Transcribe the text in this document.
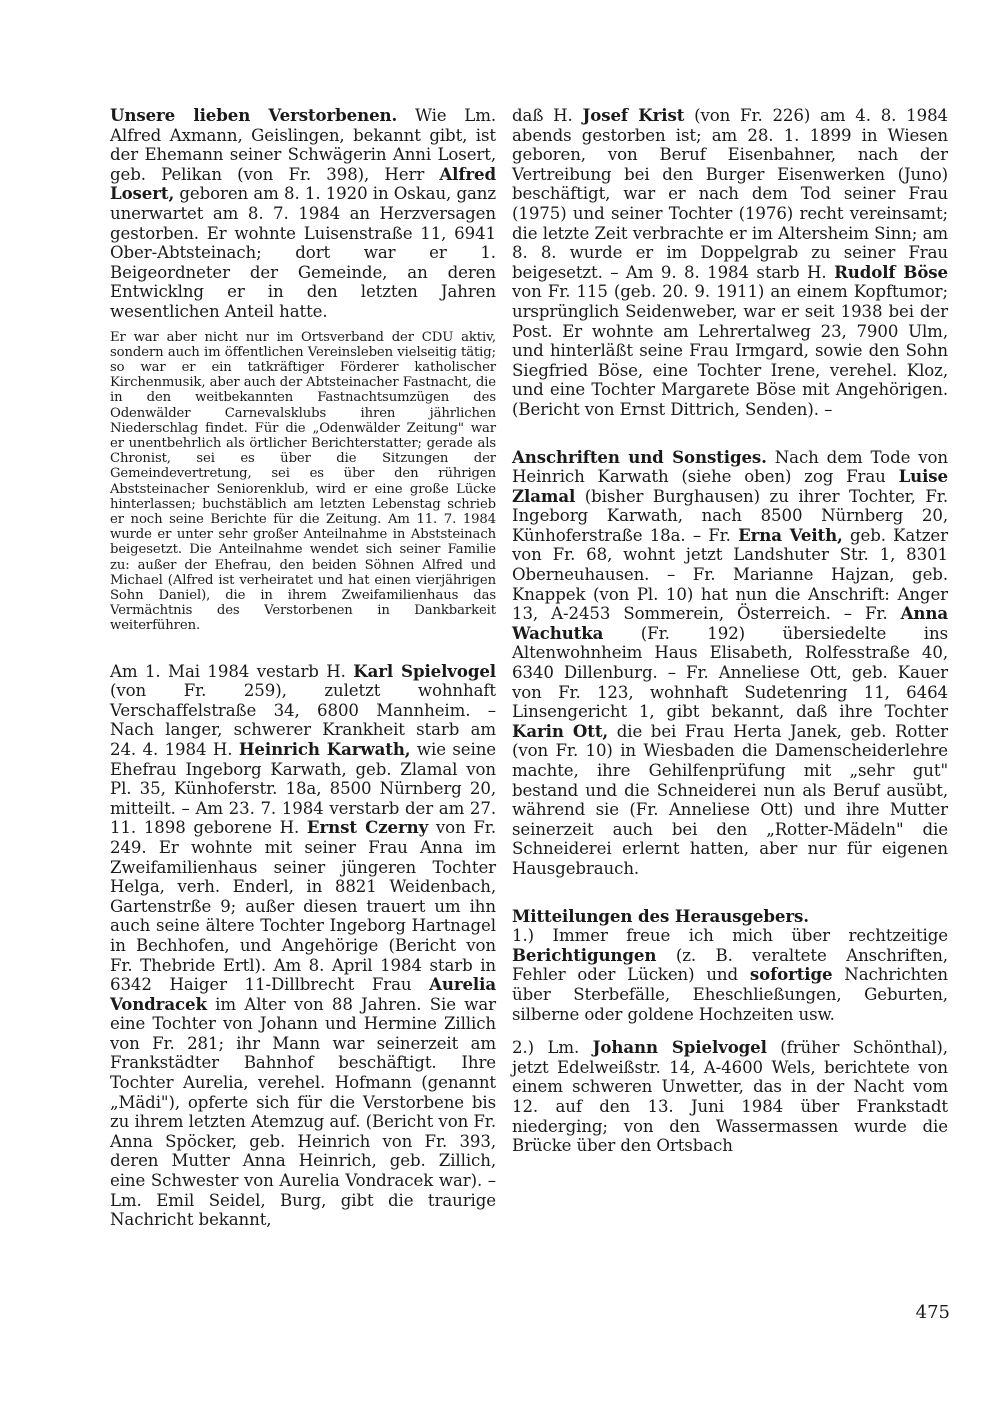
Unsere lieben Verstorbenen. Wie Lm. Alfred Axmann, Geislingen, bekannt gibt, ist der Ehemann seiner Schwägerin Anni Losert, geb. Pelikan (von Fr. 398), Herr Alfred Losert, geboren am 8. 1. 1920 in Oskau, ganz unerwartet am 8. 7. 1984 an Herzversagen gestorben. Er wohnte Luisenstraße 11, 6941 Ober-Abtsteinach; dort war er 1. Beigeordneter der Gemeinde, an deren Entwicklng er in den letzten Jahren wesentlichen Anteil hatte.

Er war aber nicht nur im Ortsverband der CDU aktiv, sondern auch im öffentlichen Vereinsleben vielseitig tätig; so war er ein tatkräftiger Förderer katholischer Kirchenmusik, aber auch der Abtsteinacher Fastnacht, die in den weitbekannten Fastnachtsumzügen des Odenwälder Carnevalsklubs ihren jährlichen Niederschlag findet. Für die „Odenwälder Zeitung" war er unentbehrlich als örtlicher Berichterstatter; gerade als Chronist, sei es über die Sitzungen der Gemeindevertretung, sei es über den rührigen Abststeinacher Seniorenklub, wird er eine große Lücke hinterlassen; buchstäblich am letzten Lebenstag schrieb er noch seine Berichte für die Zeitung. Am 11. 7. 1984 wurde er unter sehr großer Anteilnahme in Abststeinach beigesetzt. Die Anteilnahme wendet sich seiner Familie zu: außer der Ehefrau, den beiden Söhnen Alfred und Michael (Alfred ist verheiratet und hat einen vierjährigen Sohn Daniel), die in ihrem Zweifamilienhaus das Vermächtnis des Verstorbenen in Dankbarkeit weiterführen.

Am 1. Mai 1984 vestarb H. Karl Spielvogel (von Fr. 259), zuletzt wohnhaft Verschaffelstraße 34, 6800 Mannheim. – Nach langer, schwerer Krankheit starb am 24. 4. 1984 H. Heinrich Karwath, wie seine Ehefrau Ingeborg Karwath, geb. Zlamal von Pl. 35, Künhoferstr. 18a, 8500 Nürnberg 20, mitteilt. – Am 23. 7. 1984 verstarb der am 27. 11. 1898 geborene H. Ernst Czerny von Fr. 249. Er wohnte mit seiner Frau Anna im Zweifamilienhaus seiner jüngeren Tochter Helga, verh. Enderl, in 8821 Weidenbach, Gartenstrße 9; außer diesen trauert um ihn auch seine ältere Tochter Ingeborg Hartnagel in Bechhofen, und Angehörige (Bericht von Fr. Thebride Ertl). Am 8. April 1984 starb in 6342 Haiger 11-Dillbrecht Frau Aurelia Vondracek im Alter von 88 Jahren. Sie war eine Tochter von Johann und Hermine Zillich von Fr. 281; ihr Mann war seinerzeit am Frankstädter Bahnhof beschäftigt. Ihre Tochter Aurelia, verehel. Hofmann (genannt „Mädi"), opferte sich für die Verstorbene bis zu ihrem letzten Atemzug auf. (Bericht von Fr. Anna Spöcker, geb. Heinrich von Fr. 393, deren Mutter Anna Heinrich, geb. Zillich, eine Schwester von Aurelia Vondracek war). – Lm. Emil Seidel, Burg, gibt die traurige Nachricht bekannt,

daß H. Josef Krist (von Fr. 226) am 4. 8. 1984 abends gestorben ist; am 28. 1. 1899 in Wiesen geboren, von Beruf Eisenbahner, nach der Vertreibung bei den Burger Eisenwerken (Juno) beschäftigt, war er nach dem Tod seiner Frau (1975) und seiner Tochter (1976) recht vereinsamt; die letzte Zeit verbrachte er im Altersheim Sinn; am 8. 8. wurde er im Doppelgrab zu seiner Frau beigesetzt. – Am 9. 8. 1984 starb H. Rudolf Böse von Fr. 115 (geb. 20. 9. 1911) an einem Kopftumor; ursprünglich Seidenweber, war er seit 1938 bei der Post. Er wohnte am Lehrertalweg 23, 7900 Ulm, und hinterläßt seine Frau Irmgard, sowie den Sohn Siegfried Böse, eine Tochter Irene, verehel. Kloz, und eine Tochter Margarete Böse mit Angehörigen. (Bericht von Ernst Dittrich, Senden). –

Anschriften und Sonstiges. Nach dem Tode von Heinrich Karwath (siehe oben) zog Frau Luise Zlamal (bisher Burghausen) zu ihrer Tochter, Fr. Ingeborg Karwath, nach 8500 Nürnberg 20, Künhoferstraße 18a. – Fr. Erna Veith, geb. Katzer von Fr. 68, wohnt jetzt Landshuter Str. 1, 8301 Oberneuhausen. – Fr. Marianne Hajzan, geb. Knappek (von Pl. 10) hat nun die Anschrift: Anger 13, A-2453 Sommerein, Österreich. – Fr. Anna Wachutka (Fr. 192) übersiedelte ins Altenwohnheim Haus Elisabeth, Rolfesstraße 40, 6340 Dillenburg. – Fr. Anneliese Ott, geb. Kauer von Fr. 123, wohnhaft Sudetenring 11, 6464 Linsengericht 1, gibt bekannt, daß ihre Tochter Karin Ott, die bei Frau Herta Janek, geb. Rotter (von Fr. 10) in Wiesbaden die Damenscheiderlehre machte, ihre Gehilfenprüfung mit „sehr gut" bestand und die Schneiderei nun als Beruf ausübt, während sie (Fr. Anneliese Ott) und ihre Mutter seinerzeit auch bei den „Rotter-Mädeln" die Schneiderei erlernt hatten, aber nur für eigenen Hausgebrauch.

Mitteilungen des Herausgebers.

1.) Immer freue ich mich über rechtzeitige Berichtigungen (z. B. veraltete Anschriften, Fehler oder Lücken) und sofortige Nachrichten über Sterbefälle, Eheschließungen, Geburten, silberne oder goldene Hochzeiten usw.

2.) Lm. Johann Spielvogel (früher Schönthal), jetzt Edelweißstr. 14, A-4600 Wels, berichtete von einem schweren Unwetter, das in der Nacht vom 12. auf den 13. Juni 1984 über Frankstadt niederging; von den Wassermassen wurde die Brücke über den Ortsbach

475
